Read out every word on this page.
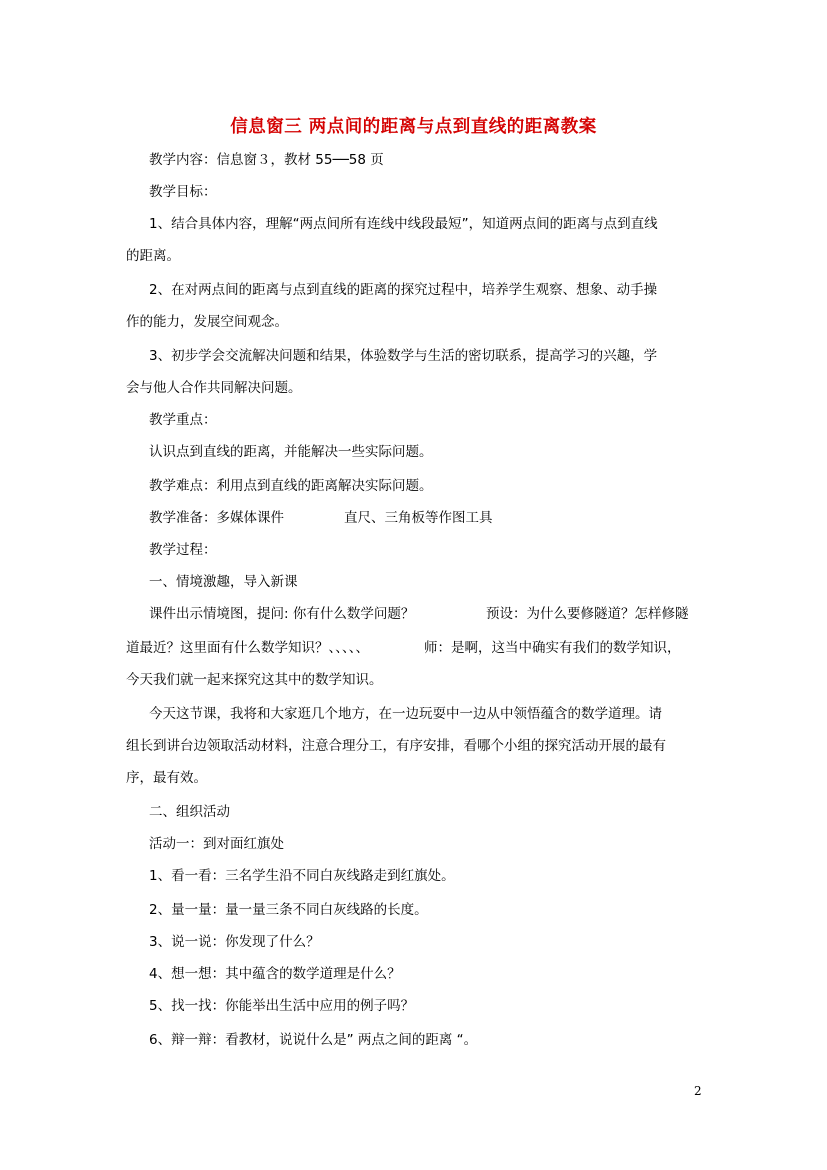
信息窗三 两点间的距离与点到直线的距离教案

教学内容：信息窗３，教材 55──58 页

教学目标：

1、结合具体内容，理解“两点间所有连线中线段最短”，知道两点间的距离与点到直线

的距离。

2、在对两点间的距离与点到直线的距离的探究过程中，培养学生观察、想象、动手操

作的能力，发展空间观念。

3、初步学会交流解决问题和结果，体验数学与生活的密切联系，提高学习的兴趣，学

会与他人合作共同解决问题。

教学重点：

认识点到直线的距离，并能解决一些实际问题。

教学难点：利用点到直线的距离解决实际问题。

教学准备：多媒体课件	直尺、三角板等作图工具

教学过程：

一、情境激趣，导入新课

课件出示情境图，提问: 你有什么数学问题？	预设：为什么要修隧道？怎样修隧

道最近？这里面有什么数学知识？、、、、、	师：是啊，这当中确实有我们的数学知识，

今天我们就一起来探究这其中的数学知识。

今天这节课，我将和大家逛几个地方，在一边玩耍中一边从中领悟蕴含的数学道理。请

组长到讲台边领取活动材料，注意合理分工，有序安排，看哪个小组的探究活动开展的最有

序，最有效。

二、组织活动

活动一：到对面红旗处

1、看一看：三名学生沿不同白灰线路走到红旗处。

2、量一量：量一量三条不同白灰线路的长度。

3、说一说：你发现了什么？

4、想一想：其中蕴含的数学道理是什么？

5、找一找：你能举出生活中应用的例子吗？

6、辩一辩：看教材，说说什么是” 两点之间的距离 “。

2
